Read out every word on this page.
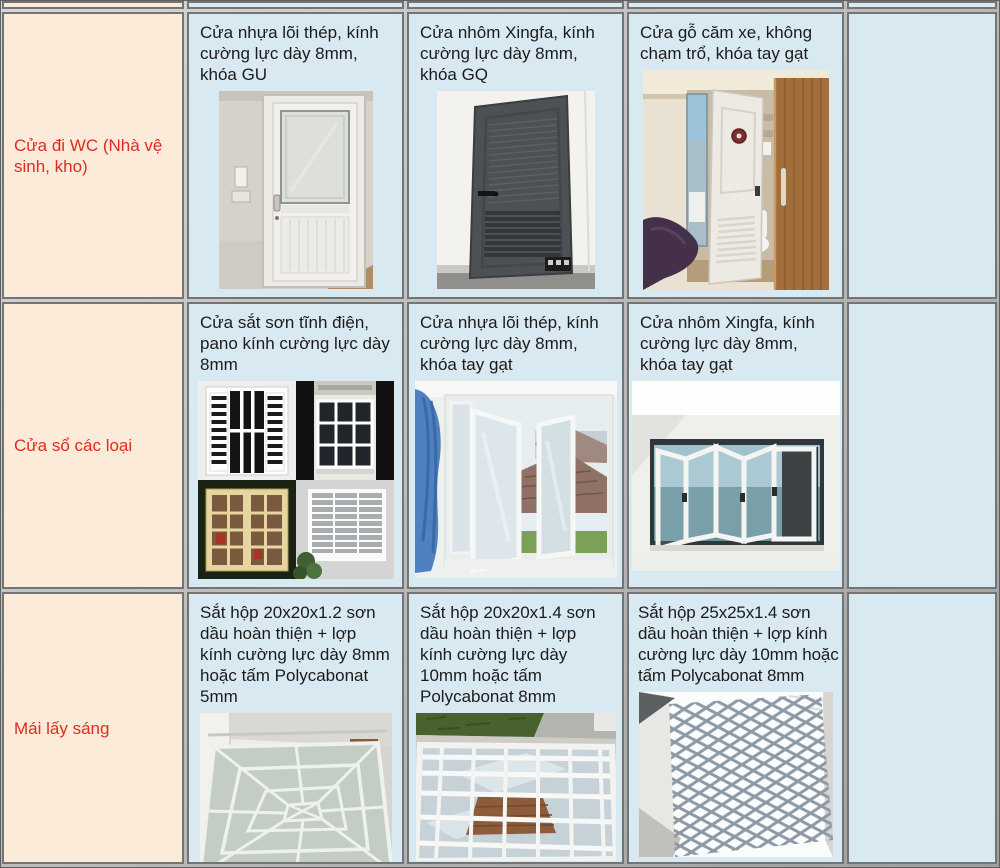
Cửa đi WC (Nhà vệ sinh, kho)
Cửa nhựa lõi thép, kính cường lực dày 8mm, khóa GU
Cửa nhôm Xingfa, kính cường lực dày 8mm, khóa GQ
Cửa gỗ căm xe, không chạm trổ, khóa tay gạt
Cửa sổ các loại
Cửa sắt sơn tĩnh điện, pano kính cường lực dày 8mm
Cửa nhựa lõi thép, kính cường lực dày 8mm, khóa tay gạt
Cửa nhôm Xingfa, kính cường lực dày 8mm, khóa tay gạt
Mái lấy sáng
Sắt hộp 20x20x1.2 sơn dầu hoàn thiện + lợp kính cường lực dày 8mm hoặc tấm Polycabonat 5mm
Sắt hộp 20x20x1.4 sơn dầu hoàn thiện + lợp kính cường lực dày 10mm hoặc tấm Polycabonat 8mm
Sắt hộp 25x25x1.4 sơn dầu hoàn thiện + lợp kính cường lực dày 10mm hoặc tấm Polycabonat 8mm
